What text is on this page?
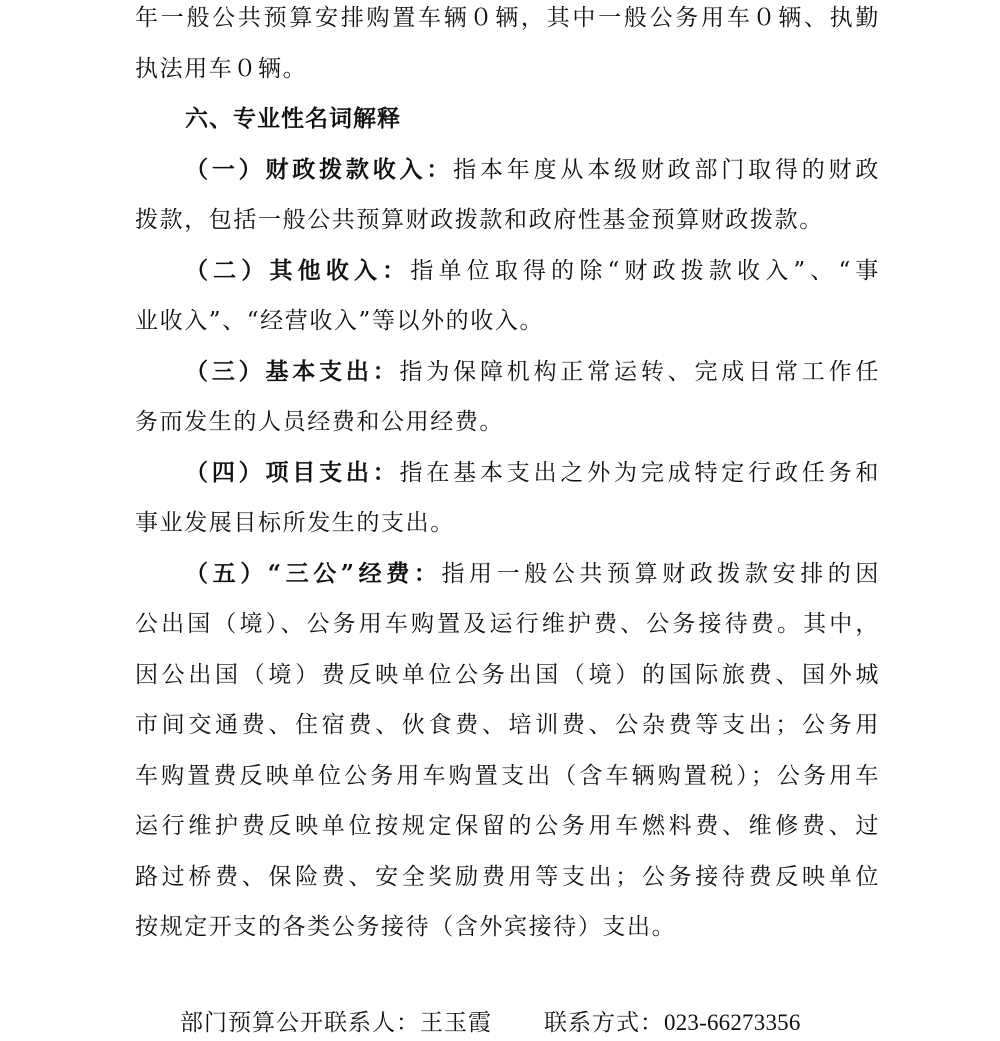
年一般公共预算安排购置车辆０辆，其中一般公务用车０辆、执勤
执法用车０辆。
六、专业性名词解释
（一）财政拨款收入：指本年度从本级财政部门取得的财政
拨款，包括一般公共预算财政拨款和政府性基金预算财政拨款。
（二）其他收入：指单位取得的除“财政拨款收入”、“事
业收入”、“经营收入”等以外的收入。
（三）基本支出：指为保障机构正常运转、完成日常工作任
务而发生的人员经费和公用经费。
（四）项目支出：指在基本支出之外为完成特定行政任务和
事业发展目标所发生的支出。
（五）“三公”经费：指用一般公共预算财政拨款安排的因
公出国（境）、公务用车购置及运行维护费、公务接待费。其中，
因公出国（境）费反映单位公务出国（境）的国际旅费、国外城
市间交通费、住宿费、伙食费、培训费、公杂费等支出；公务用
车购置费反映单位公务用车购置支出（含车辆购置税）；公务用车
运行维护费反映单位按规定保留的公务用车燃料费、维修费、过
路过桥费、保险费、安全奖励费用等支出；公务接待费反映单位
按规定开支的各类公务接待（含外宾接待）支出。
部门预算公开联系人：王玉霞 联系方式：023-66273356
